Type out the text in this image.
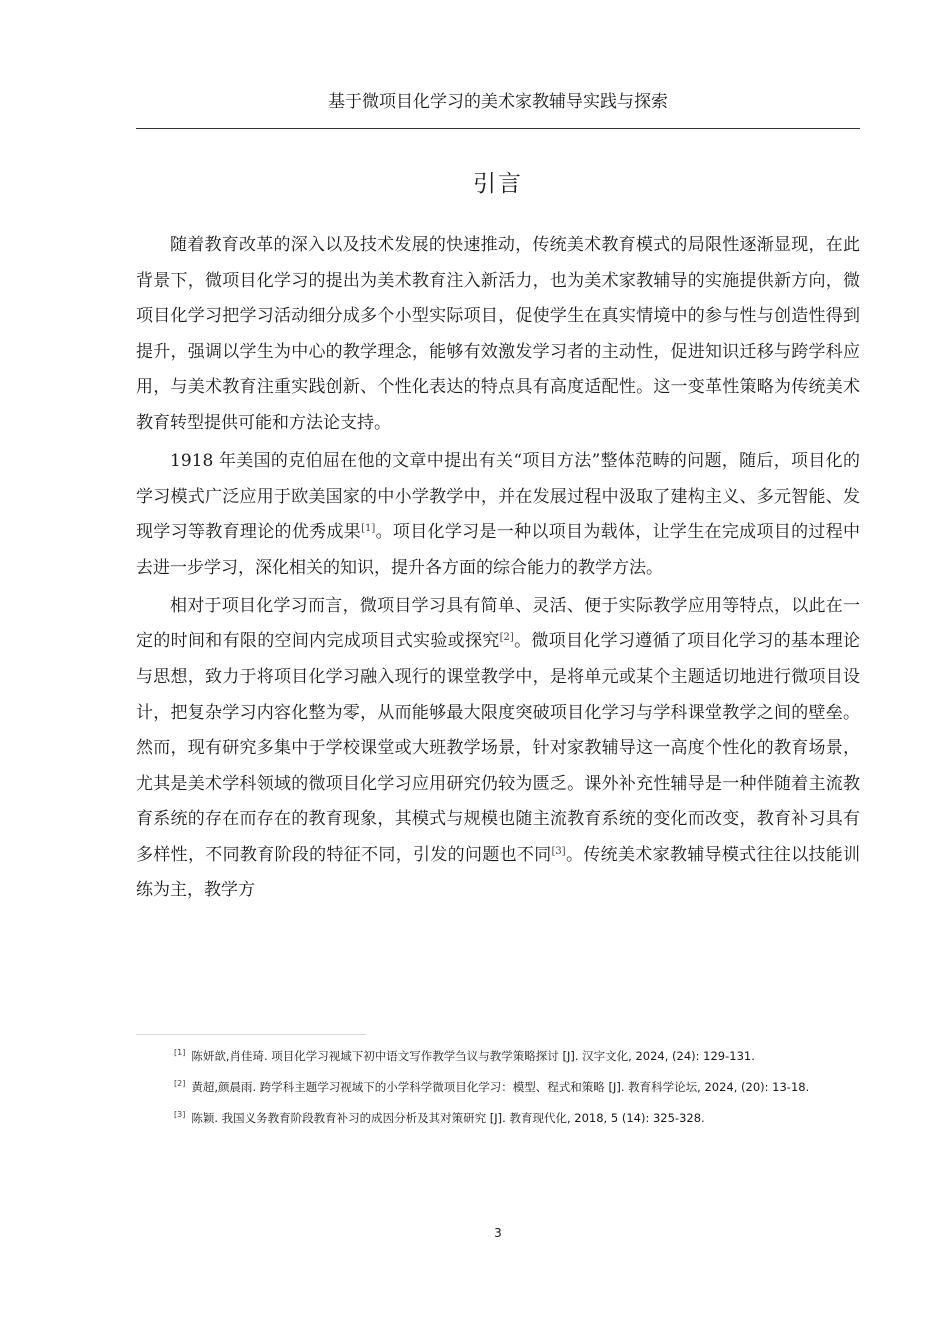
基于微项目化学习的美术家教辅导实践与探索
引言

随着教育改革的深入以及技术发展的快速推动，传统美术教育模式的局限性逐渐显现，在此背景下，微项目化学习的提出为美术教育注入新活力，也为美术家教辅导的实施提供新方向，微项目化学习把学习活动细分成多个小型实际项目，促使学生在真实情境中的参与性与创造性得到提升，强调以学生为中心的教学理念，能够有效激发学习者的主动性，促进知识迁移与跨学科应用，与美术教育注重实践创新、个性化表达的特点具有高度适配性。这一变革性策略为传统美术教育转型提供可能和方法论支持。

1918 年美国的克伯屈在他的文章中提出有关“项目方法”整体范畴的问题，随后，项目化的学习模式广泛应用于欧美国家的中小学教学中，并在发展过程中汲取了建构主义、多元智能、发现学习等教育理论的优秀成果[1]。项目化学习是一种以项目为载体，让学生在完成项目的过程中去进一步学习，深化相关的知识，提升各方面的综合能力的教学方法。

相对于项目化学习而言，微项目学习具有简单、灵活、便于实际教学应用等特点，以此在一定的时间和有限的空间内完成项目式实验或探究[2]。微项目化学习遵循了项目化学习的基本理论与思想，致力于将项目化学习融入现行的课堂教学中，是将单元或某个主题适切地进行微项目设计，把复杂学习内容化整为零，从而能够最大限度突破项目化学习与学科课堂教学之间的壁垒。然而，现有研究多集中于学校课堂或大班教学场景，针对家教辅导这一高度个性化的教育场景，尤其是美术学科领域的微项目化学习应用研究仍较为匮乏。课外补充性辅导是一种伴随着主流教育系统的存在而存在的教育现象，其模式与规模也随主流教育系统的变化而改变，教育补习具有多样性，不同教育阶段的特征不同，引发的问题也不同[3]。传统美术家教辅导模式往往以技能训练为主，教学方

[1] 陈妍歆,肖佳琦. 项目化学习视域下初中语文写作教学刍议与教学策略探讨 [J]. 汉字文化, 2024, (24): 129-131.
[2] 黄超,颜晨雨. 跨学科主题学习视域下的小学科学微项目化学习：模型、程式和策略 [J]. 教育科学论坛, 2024, (20): 13-18.
[3] 陈颖. 我国义务教育阶段教育补习的成因分析及其对策研究 [J]. 教育现代化, 2018, 5 (14): 325-328.
3
